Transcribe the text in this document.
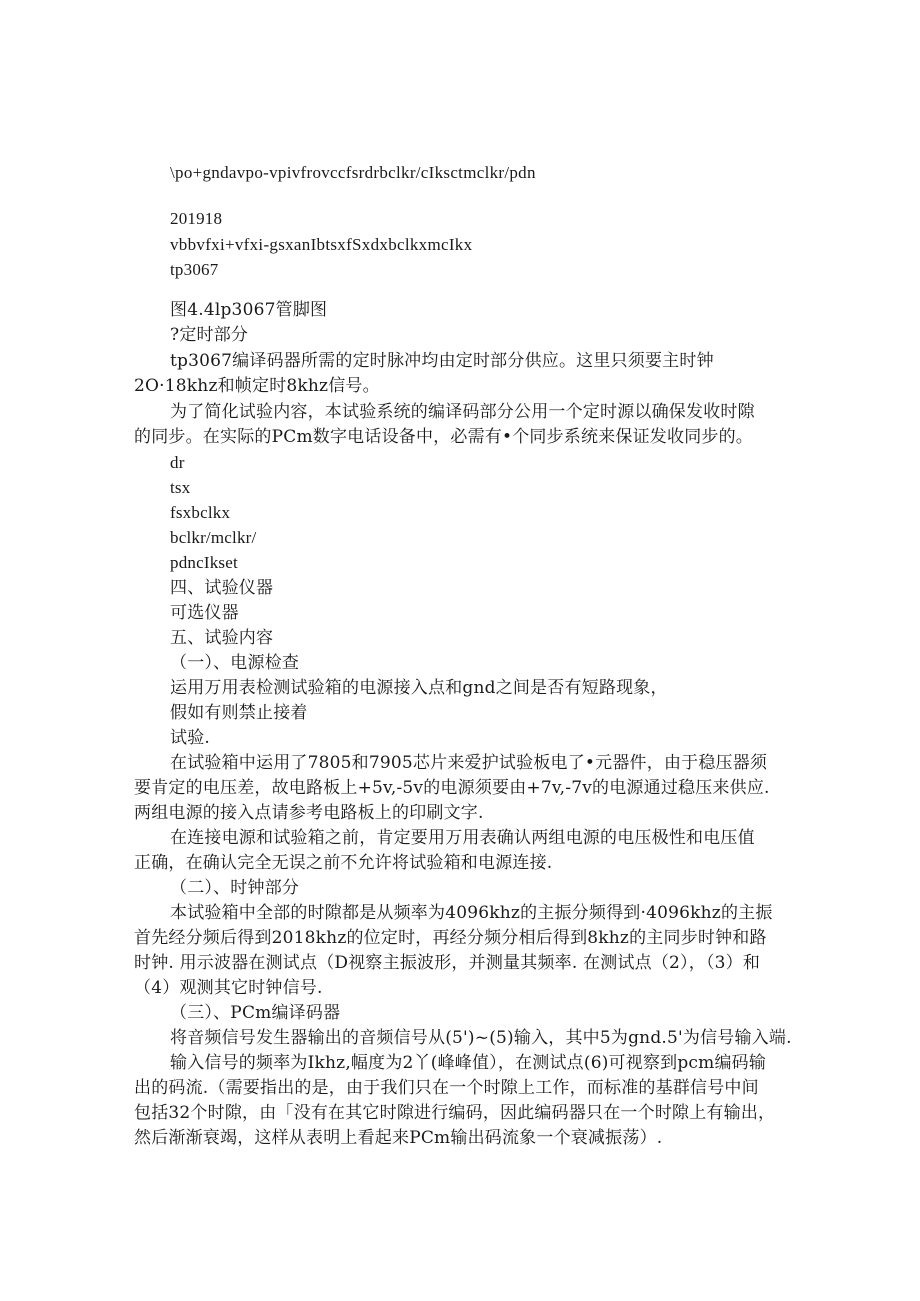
\po+gndavpo-vpivfrovccfsrdrbclkr/cIksctmclkr/pdn
201918
vbbvfxi+vfxi-gsxanIbtsxfSxdxbclkxmcIkx
tp3067
图4.4lp3067管脚图
?定时部分
tp3067编译码器所需的定时脉冲均由定时部分供应。这里只须要主时钟
2O·18khz和帧定时8khz信号。
为了简化试验内容，本试验系统的编译码部分公用一个定时源以确保发收时隙
的同步。在实际的PCm数字电话设备中，必需有•个同步系统来保证发收同步的。
dr
tsx
fsxbclkx
bclkr/mclkr/
pdncIkset
四、试验仪器
可选仪器
五、试验内容
（一）、电源检查
运用万用表检测试验箱的电源接入点和gnd之间是否有短路现象，
假如有则禁止接着
试验.
在试验箱中运用了7805和7905芯片来爱护试验板电了•元器件，由于稳压器须
要肯定的电压差，故电路板上+5v,-5v的电源须要由+7v,-7v的电源通过稳压来供应.
两组电源的接入点请参考电路板上的印刷文字.
在连接电源和试验箱之前，肯定要用万用表确认两组电源的电压极性和电压值
正确，在确认完全无误之前不允许将试验箱和电源连接.
（二）、时钟部分
本试验箱中全部的时隙都是从频率为4096khz的主振分频得到·4096khz的主振
首先经分频后得到2018khz的位定时，再经分频分相后得到8khz的主同步时钟和路
时钟. 用示波器在测试点（D视察主振波形，并测量其频率. 在测试点（2），（3）和
（4）观测其它时钟信号.
（三）、PCm编译码器
将音频信号发生器输出的音频信号从(5')~(5)输入，其中5为gnd.5'为信号输入端.
输入信号的频率为Ikhz,幅度为2丫(峰峰值），在测试点(6)可视察到pcm编码输
出的码流.（需要指出的是，由于我们只在一个时隙上工作，而标准的基群信号中间
包括32个时隙，由「没有在其它时隙进行编码，因此编码器只在一个时隙上有输出，
然后渐渐衰竭，这样从表明上看起来PCm输出码流象一个衰减振荡）.
